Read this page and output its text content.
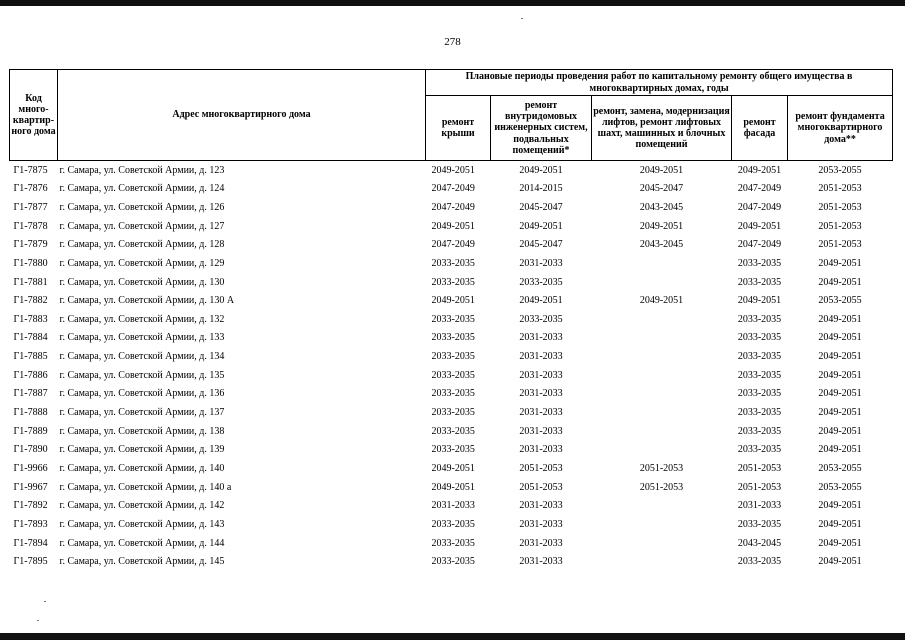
278
Код много-квартир-ного дома	Адрес многоквартирного дома	Плановые периоды проведения работ по капитальному ремонту общего имущества в многоквартирных домах, годы				
		ремонт крыши	ремонт внутридомовых инженерных систем, подвальных помещений*	ремонт, замена, модернизация лифтов, ремонт лифтовых шахт, машинных и блочных помещений	ремонт фасада	ремонт фундамента многоквартирного дома**
Г1-7875	г. Самара, ул. Советской Армии, д. 123	2049-2051	2049-2051	2049-2051	2049-2051	2053-2055
Г1-7876	г. Самара, ул. Советской Армии, д. 124	2047-2049	2014-2015	2045-2047	2047-2049	2051-2053
Г1-7877	г. Самара, ул. Советской Армии, д. 126	2047-2049	2045-2047	2043-2045	2047-2049	2051-2053
Г1-7878	г. Самара, ул. Советской Армии, д. 127	2049-2051	2049-2051	2049-2051	2049-2051	2051-2053
Г1-7879	г. Самара, ул. Советской Армии, д. 128	2047-2049	2045-2047	2043-2045	2047-2049	2051-2053
Г1-7880	г. Самара, ул. Советской Армии, д. 129	2033-2035	2031-2033		2033-2035	2049-2051
Г1-7881	г. Самара, ул. Советской Армии, д. 130	2033-2035	2033-2035		2033-2035	2049-2051
Г1-7882	г. Самара, ул. Советской Армии, д. 130 А	2049-2051	2049-2051	2049-2051	2049-2051	2053-2055
Г1-7883	г. Самара, ул. Советской Армии, д. 132	2033-2035	2033-2035		2033-2035	2049-2051
Г1-7884	г. Самара, ул. Советской Армии, д. 133	2033-2035	2031-2033		2033-2035	2049-2051
Г1-7885	г. Самара, ул. Советской Армии, д. 134	2033-2035	2031-2033		2033-2035	2049-2051
Г1-7886	г. Самара, ул. Советской Армии, д. 135	2033-2035	2031-2033		2033-2035	2049-2051
Г1-7887	г. Самара, ул. Советской Армии, д. 136	2033-2035	2031-2033		2033-2035	2049-2051
Г1-7888	г. Самара, ул. Советской Армии, д. 137	2033-2035	2031-2033		2033-2035	2049-2051
Г1-7889	г. Самара, ул. Советской Армии, д. 138	2033-2035	2031-2033		2033-2035	2049-2051
Г1-7890	г. Самара, ул. Советской Армии, д. 139	2033-2035	2031-2033		2033-2035	2049-2051
Г1-9966	г. Самара, ул. Советской Армии, д. 140	2049-2051	2051-2053	2051-2053	2051-2053	2053-2055
Г1-9967	г. Самара, ул. Советской Армии, д. 140 а	2049-2051	2051-2053	2051-2053	2051-2053	2053-2055
Г1-7892	г. Самара, ул. Советской Армии, д. 142	2031-2033	2031-2033		2031-2033	2049-2051
Г1-7893	г. Самара, ул. Советской Армии, д. 143	2033-2035	2031-2033		2033-2035	2049-2051
Г1-7894	г. Самара, ул. Советской Армии, д. 144	2033-2035	2031-2033		2043-2045	2049-2051
Г1-7895	г. Самара, ул. Советской Армии, д. 145	2033-2035	2031-2033		2033-2035	2049-2051
